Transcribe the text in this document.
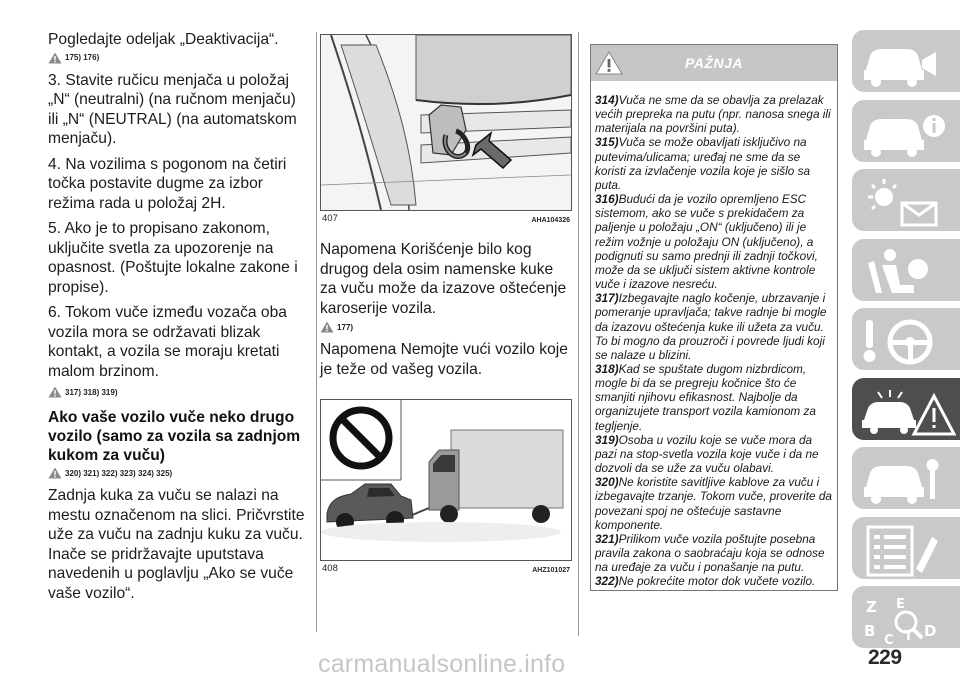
Pogledajte odeljak „Deaktivacija“.

175) 176)

3. Stavite ručicu menjača u položaj „N“ (neutralni) (na ručnom menjaču) ili „N“ (NEUTRAL) (na automatskom menjaču).

4. Na vozilima s pogonom na četiri točka postavite dugme za izbor režima rada u položaj 2H.

5. Ako je to propisano zakonom, uključite svetla za upozorenje na opasnost. (Poštujte lokalne zakone i propise).

6. Tokom vuče između vozača oba vozila mora se održavati blizak kontakt, a vozila se moraju kretati malom brzinom.

317) 318) 319)
Ako vaše vozilo vuče neko drugo vozilo (samo za vozila sa zadnjom kukom za vuču)
320) 321) 322) 323) 324) 325)

Zadnja kuka za vuču se nalazi na mestu označenom na slici. Pričvrstite uže za vuču na zadnju kuku za vuču. Inače se pridržavajte uputstava navedenih u poglavlju „Ako se vuče vaše vozilo“.

407	AHA104326

Napomena Korišćenje bilo kog drugog dela osim namenske kuke za vuču može da izazove oštećenje karoserije vozila.

177)

Napomena Nemojte vući vozilo koje je teže od vašeg vozila.

408	AHZ101027
PAŽNJA

314)Vuča ne sme da se obavlja za prelazak većih prepreka na putu (npr. nanosa snega ili materijala na površini puta).

315)Vuča se može obavljati isključivo na putevima/ulicama; uređaj ne sme da se koristi za izvlačenje vozila koje je sišlo sa puta.

316)Budući da je vozilo opremljeno ESC sistemom, ako se vuče s prekidačem za paljenje u položaju „ON“ (uključeno) ili je režim vožnje u položaju ON (uključeno), a podignuti su samo prednji ili zadnji točkovi, može da se uključi sistem aktivne kontrole vuče i izazove nesreću.

317)Izbegavajte naglo kočenje, ubrzavanje i pomeranje upravljača; takve radnje bi mogle da izazovu oštećenja kuke ili užeta za vuču. To bi mogло da prouzroči i povrede ljudi koji se nalaze u blizini.

318)Kad se spuštate dugom nizbrdicom, mogle bi da se pregreju kočnice što će smanjiti njihovu efikasnost. Najbolje da organizujete transport vozila kamionom za tegljenje.

319)Osoba u vozilu koje se vuče mora da pazi na stop-svetla vozila koje vuče i da ne dozvoli da se uže za vuču olabavi.

320)Ne koristite savitljive kablove za vuču i izbegavajte trzanje. Tokom vuče, proverite da povezani spoj ne oštećuje sastavne komponente.

321)Prilikom vuče vozila poštujte posebna pravila zakona o saobraćaju koja se odnose na uređaje za vuču i ponašanje na putu.

322)Ne pokrećite motor dok vučete vozilo.

Z E
B
C T D
229
carmanualsonline.info
